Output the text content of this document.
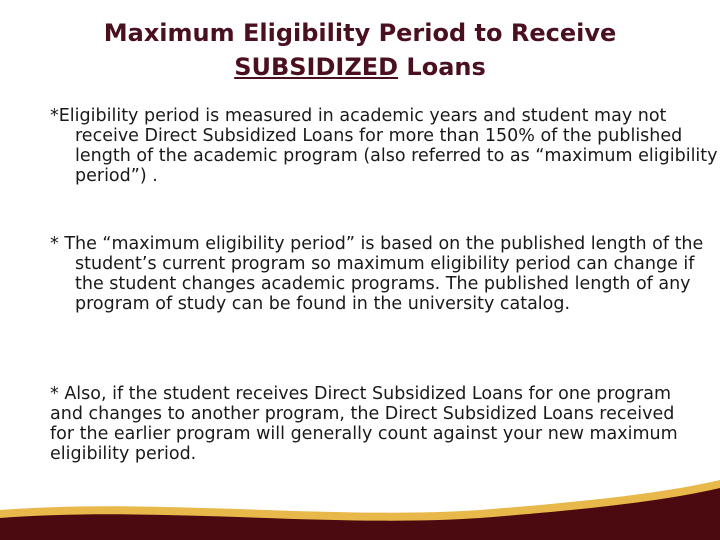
Maximum Eligibility Period to Receive
SUBSIDIZED Loans

*Eligibility period is measured in academic years and student may not receive Direct Subsidized Loans for more than 150% of the published length of the academic program (also referred to as “maximum eligibility period”) .

* The “maximum eligibility period” is based on the published length of the student’s current program so maximum eligibility period can change if the student changes academic programs. The published length of any program of study can be found in the university catalog.

* Also, if the student receives Direct Subsidized Loans for one program and changes to another program, the Direct Subsidized Loans received for the earlier program will generally count against your new maximum eligibility period.
